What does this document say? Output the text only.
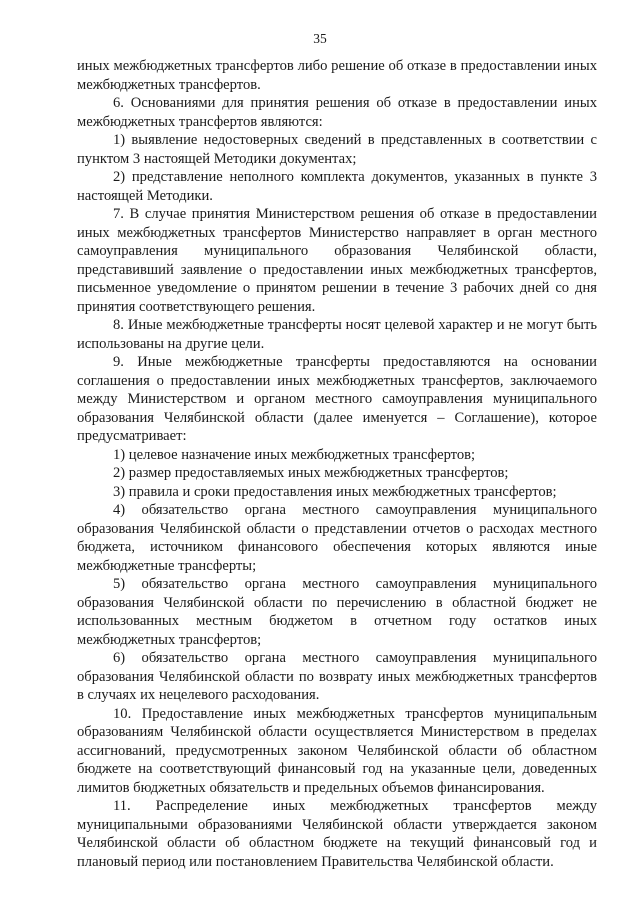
35

иных межбюджетных трансфертов либо решение об отказе в предоставлении иных межбюджетных трансфертов.

6. Основаниями для принятия решения об отказе в предоставлении иных межбюджетных трансфертов являются:

1) выявление недостоверных сведений в представленных в соответствии с пунктом 3 настоящей Методики документах;

2) представление неполного комплекта документов, указанных в пункте 3 настоящей Методики.

7. В случае принятия Министерством решения об отказе в предоставлении иных межбюджетных трансфертов Министерство направляет в орган местного самоуправления муниципального образования Челябинской области, представивший заявление о предоставлении иных межбюджетных трансфертов, письменное уведомление о принятом решении в течение 3 рабочих дней со дня принятия соответствующего решения.

8. Иные межбюджетные трансферты носят целевой характер и не могут быть использованы на другие цели.

9. Иные межбюджетные трансферты предоставляются на основании соглашения о предоставлении иных межбюджетных трансфертов, заключаемого между Министерством и органом местного самоуправления муниципального образования Челябинской области (далее именуется – Соглашение), которое предусматривает:

1) целевое назначение иных межбюджетных трансфертов;

2) размер предоставляемых иных межбюджетных трансфертов;

3) правила и сроки предоставления иных межбюджетных трансфертов;

4) обязательство органа местного самоуправления муниципального образования Челябинской области о представлении отчетов о расходах местного бюджета, источником финансового обеспечения которых являются иные межбюджетные трансферты;

5) обязательство органа местного самоуправления муниципального образования Челябинской области по перечислению в областной бюджет не использованных местным бюджетом в отчетном году остатков иных межбюджетных трансфертов;

6) обязательство органа местного самоуправления муниципального образования Челябинской области по возврату иных межбюджетных трансфертов в случаях их нецелевого расходования.

10. Предоставление иных межбюджетных трансфертов муниципальным образованиям Челябинской области осуществляется Министерством в пределах ассигнований, предусмотренных законом Челябинской области об областном бюджете на соответствующий финансовый год на указанные цели, доведенных лимитов бюджетных обязательств и предельных объемов финансирования.

11. Распределение иных межбюджетных трансфертов между муниципальными образованиями Челябинской области утверждается законом Челябинской области об областном бюджете на текущий финансовый год и плановый период или постановлением Правительства Челябинской области.
